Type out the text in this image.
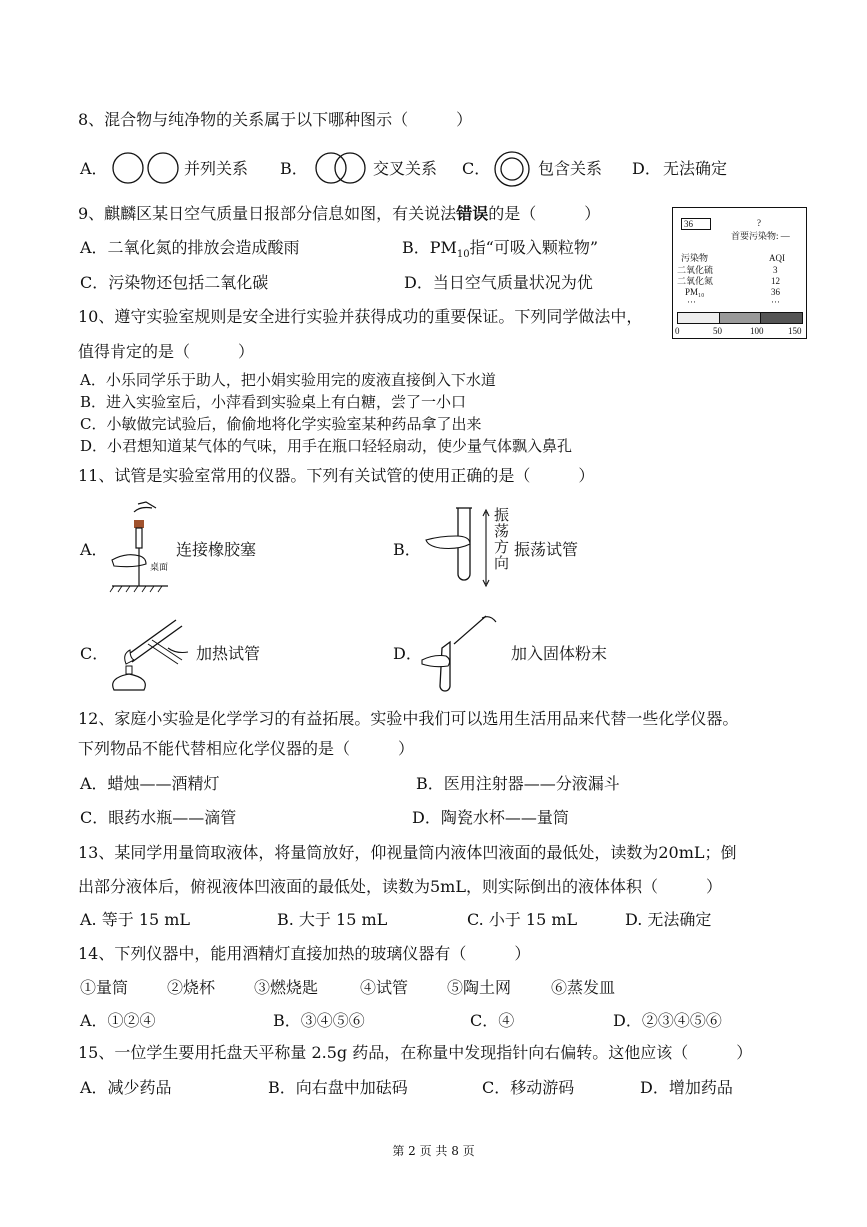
8、混合物与纯净物的关系属于以下哪种图示（　　　）
A．	并列关系 B．	交叉关系 C．	包含关系 D． 无法确定
9、麒麟区某日空气质量日报部分信息如图，有关说法错误的是（　　　）
A．二氧化氮的排放会造成酸雨	B．$PM_{10}$指“可吸入颗粒物”
C．污染物还包括二氧化碳	D．当日空气质量状况为优
36	?
首要污染物: —
污染物	AQI
二氧化硫	3
二氧化氮	12
PM₁₀	36
···	···
0	50	100	150
10、遵守实验室规则是安全进行实验并获得成功的重要保证。下列同学做法中，
值得肯定的是（　　　）
A．小乐同学乐于助人，把小娟实验用完的废液直接倒入下水道
B．进入实验室后，小萍看到实验桌上有白糖，尝了一小口
C．小敏做完试验后，偷偷地将化学实验室某种药品拿了出来
D．小君想知道某气体的气味，用手在瓶口轻轻扇动，使少量气体飘入鼻孔
11、试管是实验室常用的仪器。下列有关试管的使用正确的是（　　　）
A．
桌面
连接橡胶塞	B．
振荡方向
振荡试管
C．	加热试管	D．	加入固体粉末
12、家庭小实验是化学学习的有益拓展。实验中我们可以选用生活用品来代替一些化学仪器。
下列物品不能代替相应化学仪器的是（　　　）
A．蜡烛——酒精灯	B．医用注射器——分液漏斗
C．眼药水瓶——滴管	D．陶瓷水杯——量筒
13、某同学用量筒取液体，将量筒放好，仰视量筒内液体凹液面的最低处，读数为20mL；倒
出部分液体后，俯视液体凹液面的最低处，读数为5mL，则实际倒出的液体体积（　　　）
A. 等于 15 mL	B. 大于 15 mL	C. 小于 15 mL	D. 无法确定
14、下列仪器中，能用酒精灯直接加热的玻璃仪器有（　　　）
①量筒 ②烧杯 ③燃烧匙	④试管 ⑤陶土网 ⑥蒸发皿
A．①②④	B．③④⑤⑥	C．④	D．②③④⑤⑥
15、一位学生要用托盘天平称量 2.5g 药品，在称量中发现指针向右偏转。这他应该（　　　）
A．减少药品	B．向右盘中加砝码	C．移动游码	D．增加药品
第 2 页 共 8 页
